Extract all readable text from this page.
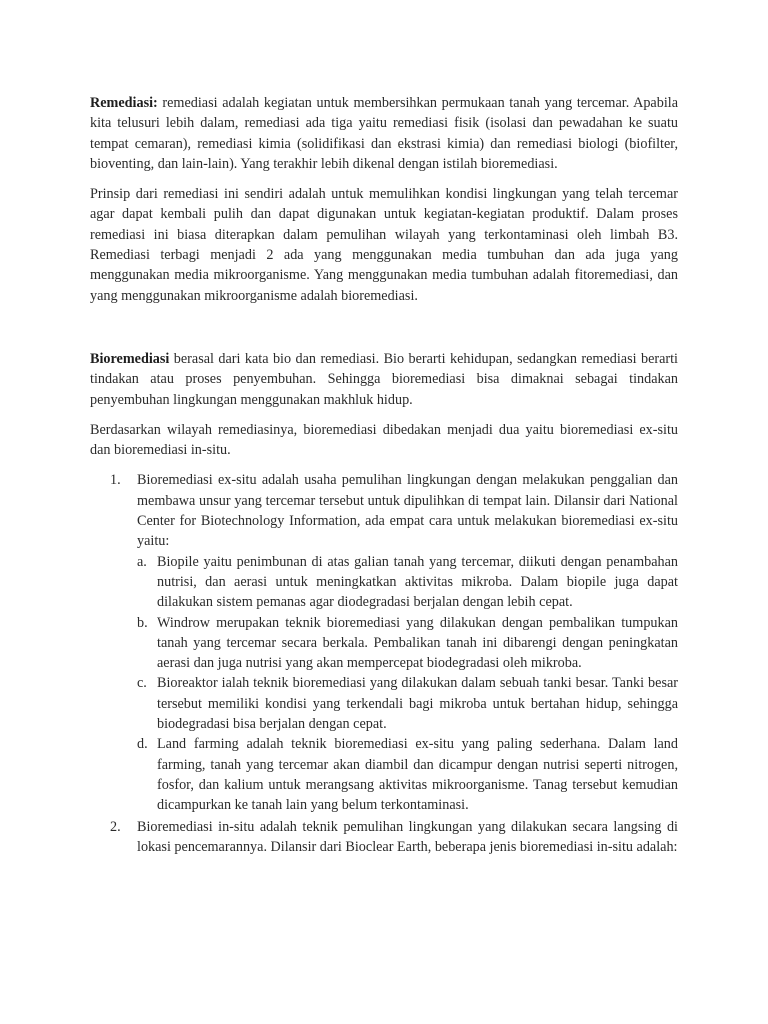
Remediasi: remediasi adalah kegiatan untuk membersihkan permukaan tanah yang tercemar. Apabila kita telusuri lebih dalam, remediasi ada tiga yaitu remediasi fisik (isolasi dan pewadahan ke suatu tempat cemaran), remediasi kimia (solidifikasi dan ekstrasi kimia) dan remediasi biologi (biofilter, bioventing, dan lain-lain). Yang terakhir lebih dikenal dengan istilah bioremediasi.

Prinsip dari remediasi ini sendiri adalah untuk memulihkan kondisi lingkungan yang telah tercemar agar dapat kembali pulih dan dapat digunakan untuk kegiatan-kegiatan produktif. Dalam proses remediasi ini biasa diterapkan dalam pemulihan wilayah yang terkontaminasi oleh limbah B3. Remediasi terbagi menjadi 2 ada yang menggunakan media tumbuhan dan ada juga yang menggunakan media mikroorganisme. Yang menggunakan media tumbuhan adalah fitoremediasi, dan yang menggunakan mikroorganisme adalah bioremediasi.

Bioremediasi berasal dari kata bio dan remediasi. Bio berarti kehidupan, sedangkan remediasi berarti tindakan atau proses penyembuhan. Sehingga bioremediasi bisa dimaknai sebagai tindakan penyembuhan lingkungan menggunakan makhluk hidup.

Berdasarkan wilayah remediasinya, bioremediasi dibedakan menjadi dua yaitu bioremediasi ex-situ dan bioremediasi in-situ.

1. Bioremediasi ex-situ adalah usaha pemulihan lingkungan dengan melakukan penggalian dan membawa unsur yang tercemar tersebut untuk dipulihkan di tempat lain. Dilansir dari National Center for Biotechnology Information, ada empat cara untuk melakukan bioremediasi ex-situ yaitu:

a. Biopile yaitu penimbunan di atas galian tanah yang tercemar, diikuti dengan penambahan nutrisi, dan aerasi untuk meningkatkan aktivitas mikroba. Dalam biopile juga dapat dilakukan sistem pemanas agar diodegradasi berjalan dengan lebih cepat.

b. Windrow merupakan teknik bioremediasi yang dilakukan dengan pembalikan tumpukan tanah yang tercemar secara berkala. Pembalikan tanah ini dibarengi dengan peningkatan aerasi dan juga nutrisi yang akan mempercepat biodegradasi oleh mikroba.

c. Bioreaktor ialah teknik bioremediasi yang dilakukan dalam sebuah tanki besar. Tanki besar tersebut memiliki kondisi yang terkendali bagi mikroba untuk bertahan hidup, sehingga biodegradasi bisa berjalan dengan cepat.

d. Land farming adalah teknik bioremediasi ex-situ yang paling sederhana. Dalam land farming, tanah yang tercemar akan diambil dan dicampur dengan nutrisi seperti nitrogen, fosfor, dan kalium untuk merangsang aktivitas mikroorganisme. Tanag tersebut kemudian dicampurkan ke tanah lain yang belum terkontaminasi.

2. Bioremediasi in-situ adalah teknik pemulihan lingkungan yang dilakukan secara langsing di lokasi pencemarannya. Dilansir dari Bioclear Earth, beberapa jenis bioremediasi in-situ adalah:
